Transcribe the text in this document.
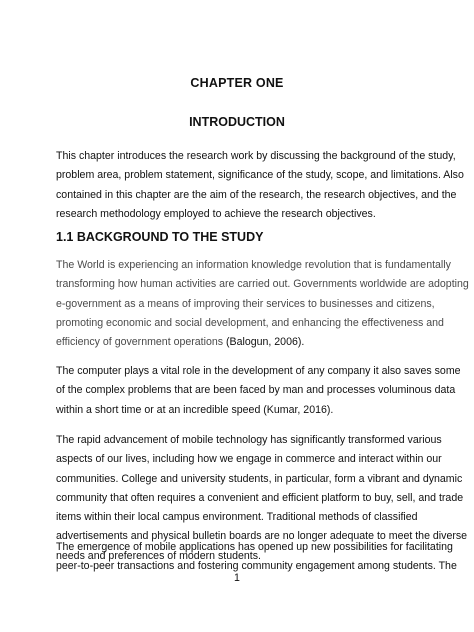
CHAPTER ONE
INTRODUCTION

This chapter introduces the research work by discussing the background of the study,
problem area, problem statement, significance of the study, scope, and limitations. Also
contained in this chapter are the aim of the research, the research objectives, and the
research methodology employed to achieve the research objectives.

1.1 BACKGROUND TO THE STUDY

The World is experiencing an information knowledge revolution that is fundamentally
transforming how human activities are carried out. Governments worldwide are adopting
e-government as a means of improving their services to businesses and citizens,
promoting economic and social development, and enhancing the effectiveness and
efficiency of government operations (Balogun, 2006).

The computer plays a vital role in the development of any company it also saves some
of the complex problems that are been faced by man and processes voluminous data
within a short time or at an incredible speed (Kumar, 2016).

The rapid advancement of mobile technology has significantly transformed various
aspects of our lives, including how we engage in commerce and interact within our
communities. College and university students, in particular, form a vibrant and dynamic
community that often requires a convenient and efficient platform to buy, sell, and trade
items within their local campus environment. Traditional methods of classified
advertisements and physical bulletin boards are no longer adequate to meet the diverse
needs and preferences of modern students.

The emergence of mobile applications has opened up new possibilities for facilitating
peer-to-peer transactions and fostering community engagement among students. The

1
